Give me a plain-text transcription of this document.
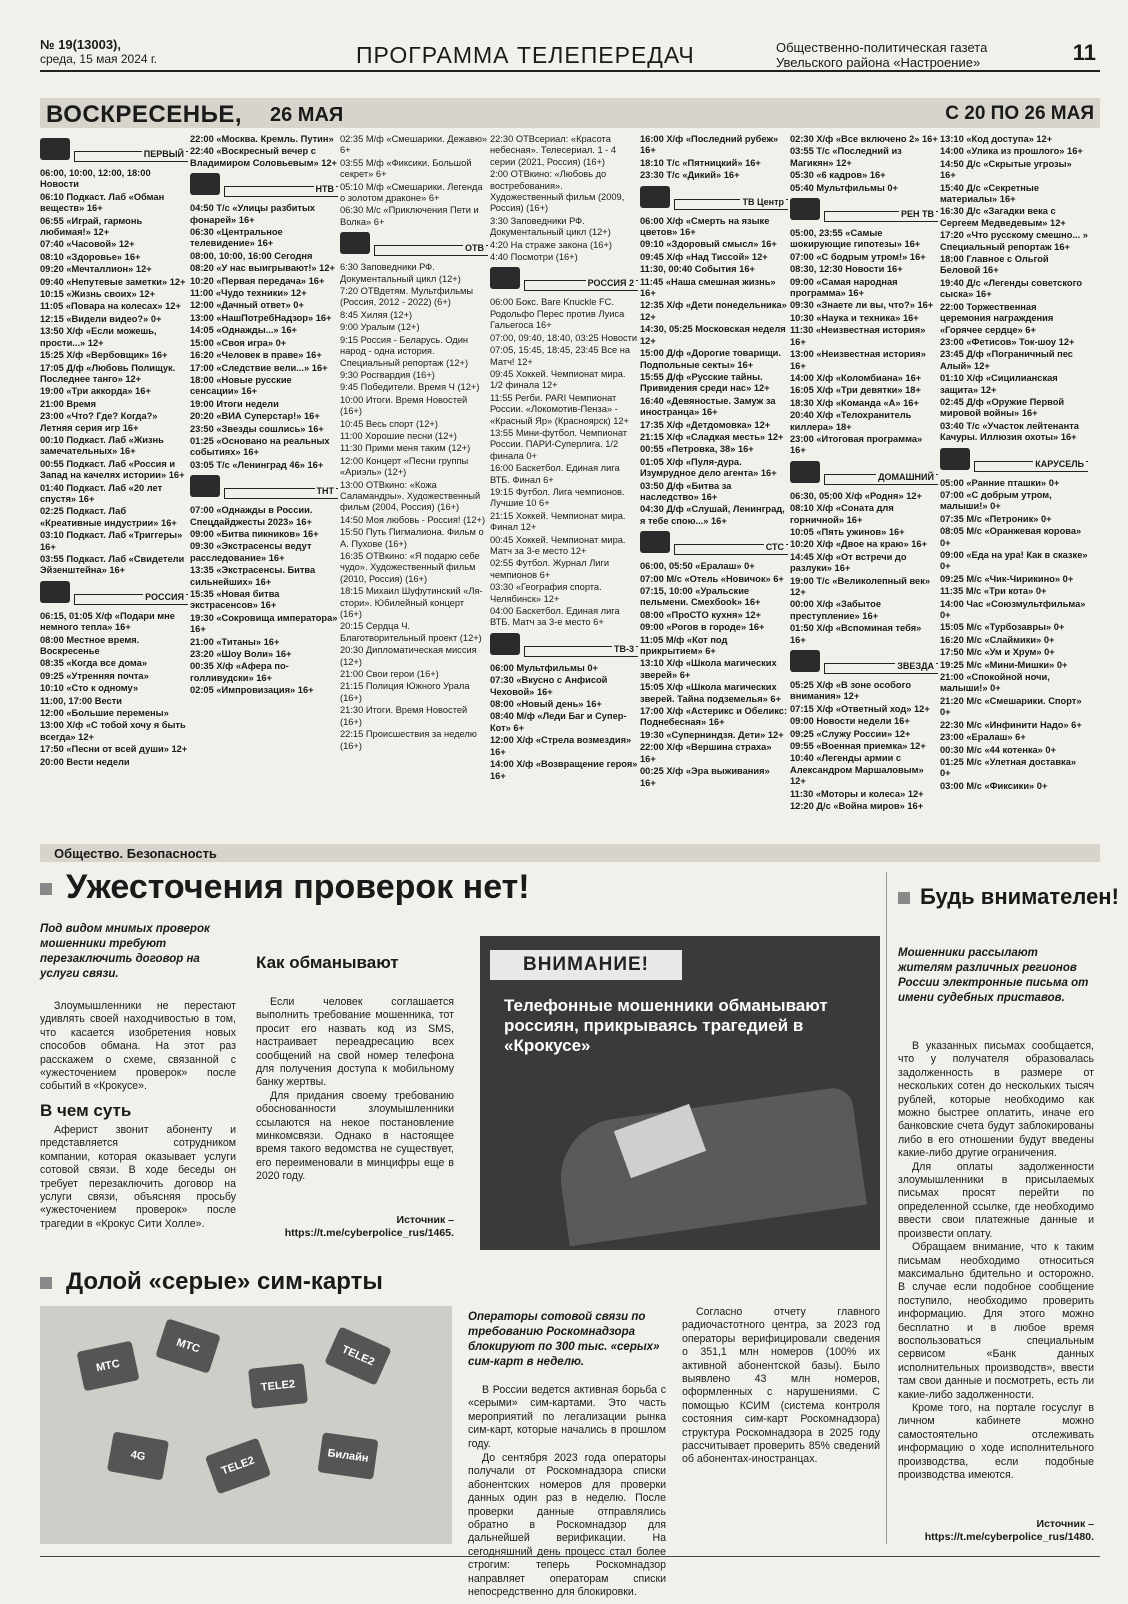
№ 19(13003),
среда, 15 мая 2024 г.	ПРОГРАММА ТЕЛЕПЕРЕДАЧ	Общественно-политическая газета
Увельского района «Настроение»	11
ВОСКРЕСЕНЬЕ, 26 МАЯ	С 20 ПО 26 МАЯ
ПЕРВЫЙ
06:00, 10:00, 12:00, 18:00 Новости
06:10 Подкаст. Лаб «Обман веществ» 16+
06:55 «Играй, гармонь любимая!» 12+
07:40 «Часовой» 12+
08:10 «Здоровье» 16+
09:20 «Мечталлион» 12+
09:40 «Непутевые заметки» 12+
10:15 «Жизнь своих» 12+
11:05 «Повара на колесах» 12+
12:15 «Видели видео?» 0+
13:50 Х/ф «Если можешь, прости...» 12+
15:25 Х/ф «Вербовщик» 16+
17:05 Д/ф «Любовь Полищук. Последнее танго» 12+
19:00 «Три аккорда» 16+
21:00 Время
23:00 «Что? Где? Когда?» Летняя серия игр 16+
00:10 Подкаст. Лаб «Жизнь замечательных» 16+
00:55 Подкаст. Лаб «Россия и Запад на качелях истории» 16+
01:40 Подкаст. Лаб «20 лет спустя» 16+
02:25 Подкаст. Лаб «Креативные индустрии» 16+
03:10 Подкаст. Лаб «Триггеры» 16+
03:55 Подкаст. Лаб «Свидетели Эйзенштейна» 16+
РОССИЯ
06:15, 01:05 Х/ф «Подари мне немного тепла» 16+
08:00 Местное время. Воскресенье
08:35 «Когда все дома»
09:25 «Утренняя почта»
10:10 «Сто к одному»
11:00, 17:00 Вести
12:00 «Большие перемены»
13:00 Х/ф «С тобой хочу я быть всегда» 12+
17:50 «Песни от всей души» 12+
20:00 Вести недели
22:00 «Москва. Кремль. Путин»
22:40 «Воскресный вечер с Владимиром Соловьевым» 12+
НТВ
04:50 Т/с «Улицы разбитых фонарей» 16+
06:30 «Центральное телевидение» 16+
08:00, 10:00, 16:00 Сегодня
08:20 «У нас выигрывают!» 12+
10:20 «Первая передача» 16+
11:00 «Чудо техники» 12+
12:00 «Дачный ответ» 0+
13:00 «НашПотребНадзор» 16+
14:05 «Однажды...» 16+
15:00 «Своя игра» 0+
16:20 «Человек в праве» 16+
17:00 «Следствие вели...» 16+
18:00 «Новые русские сенсации» 16+
19:00 Итоги недели
20:20 «ВИА Суперстар!» 16+
23:50 «Звезды сошлись» 16+
01:25 «Основано на реальных событиях» 16+
03:05 Т/с «Ленинград 46» 16+
ТНТ
07:00 «Однажды в России. Спецдайджесты 2023» 16+
09:00 «Битва пикников» 16+
09:30 «Экстрасенсы ведут расследование» 16+
13:35 «Экстрасенсы. Битва сильнейших» 16+
15:35 «Новая битва экстрасенсов» 16+
19:30 «Сокровища императора» 16+
21:00 «Титаны» 16+
23:20 «Шоу Воли» 16+
00:35 Х/ф «Афера по-голливудски» 16+
02:05 «Импровизация» 16+
02:35 М/ф «Смешарики. Дежавю» 6+
03:55 М/ф «Фиксики. Большой секрет» 6+
05:10 М/ф «Смешарики. Легенда о золотом драконе» 6+
06:30 М/с «Приключения Пети и Волка» 6+
ОТВ
6:30 Заповедники РФ. Документальный цикл (12+)
7:20 ОТВдетям. Мультфильмы (Россия, 2012 - 2022) (6+)
8:45 Хиляя (12+)
9:00 Уралым (12+)
9:15 Россия - Беларусь. Один народ - одна история. Специальный репортаж (12+)
9:30 Росгвардия (16+)
9:45 Победители. Время Ч (12+)
10:00 Итоги. Время Новостей (16+)
10:45 Весь спорт (12+)
11:00 Хорошие песни (12+)
11:30 Прими меня таким (12+)
12:00 Концерт «Песни группы «Ариэль» (12+)
13:00 ОТВкино: «Кожа Саламандры». Художественный фильм (2004, Россия) (16+)
14:50 Моя любовь - Россия! (12+)
15:50 Путь Пигмалиона. Фильм о А. Пухове (16+)
16:35 ОТВкино: «Я подарю себе чудо». Художественный фильм (2010, Россия) (16+)
18:15 Михаил Шуфутинский «Ля-стори». Юбилейный концерт (16+)
20:15 Сердца Ч. Благотворительный проект (12+)
20:30 Дипломатическая миссия (12+)
21:00 Свои герои (16+)
21:15 Полиция Южного Урала (16+)
21:30 Итоги. Время Новостей (16+)
22:15 Происшествия за неделю (16+)
22:30 ОТВсериал: «Красота небесная». Телесериал. 1 - 4 серии (2021, Россия) (16+)
2:00 ОТВкино: «Любовь до востребования». Художественный фильм (2009, Россия) (16+)
3:30 Заповедники РФ. Документальный цикл (12+)
4:20 На страже закона (16+)
4:40 Посмотри (16+)
РОССИЯ 2
06:00 Бокс. Bare Knuckle FC. Родольфо Перес против Луиса Гальегоса 16+
07:00, 09:40, 18:40, 03:25 Новости
07:05, 15:45, 18:45, 23:45 Все на Матч! 12+
09:45 Хоккей. Чемпионат мира. 1/2 финала 12+
11:55 Регби. PARI Чемпионат России. «Локомотив-Пенза» - «Красный Яр» (Красноярск) 12+
13:55 Мини-футбол. Чемпионат России. ПАРИ-Суперлига. 1/2 финала 0+
16:00 Баскетбол. Единая лига ВТБ. Финал 6+
19:15 Футбол. Лига чемпионов. Лучшие 10 6+
21:15 Хоккей. Чемпионат мира. Финал 12+
00:45 Хоккей. Чемпионат мира. Матч за 3-е место 12+
02:55 Футбол. Журнал Лиги чемпионов 6+
03:30 «География спорта. Челябинск» 12+
04:00 Баскетбол. Единая лига ВТБ. Матч за 3-е место 6+
ТВ-3
06:00 Мультфильмы 0+
07:30 «Вкусно с Анфисой Чеховой» 16+
08:00 «Новый день» 16+
08:40 М/ф «Леди Баг и Супер-Кот» 6+
12:00 Х/ф «Стрела возмездия» 16+
14:00 Х/ф «Возвращение героя» 16+
16:00 Х/ф «Последний рубеж» 16+
18:10 Т/с «Пятницкий» 16+
23:30 Т/с «Дикий» 16+
ТВ Центр
06:00 Х/ф «Смерть на языке цветов» 16+
09:10 «Здоровый смысл» 16+
09:45 Х/ф «Над Тиссой» 12+
11:30, 00:40 События 16+
11:45 «Наша смешная жизнь» 16+
12:35 Х/ф «Дети понедельника» 12+
14:30, 05:25 Московская неделя 12+
15:00 Д/ф «Дорогие товарищи. Подпольные секты» 16+
15:55 Д/ф «Русские тайны. Привидения среди нас» 12+
16:40 «Девяностые. Замуж за иностранца» 16+
17:35 Х/ф «Детдомовка» 12+
21:15 Х/ф «Сладкая месть» 12+
00:55 «Петровка, 38» 16+
01:05 Х/ф «Пуля-дура. Изумрудное дело агента» 16+
03:50 Д/ф «Битва за наследство» 16+
04:30 Д/ф «Слушай, Ленинград, я тебе спою...» 16+
СТС
06:00, 05:50 «Ералаш» 0+
07:00 М/с «Отель «Новичок» 6+
07:15, 10:00 «Уральские пельмени. Смехбook» 16+
08:00 «ПроСТО кухня» 12+
09:00 «Рогов в городе» 16+
11:05 М/ф «Кот под прикрытием» 6+
13:10 Х/ф «Школа магических зверей» 6+
15:05 Х/ф «Школа магических зверей. Тайна подземелья» 6+
17:00 Х/ф «Астерикс и Обеликс: Поднебесная» 16+
19:30 «Суперниндзя. Дети» 12+
22:00 Х/ф «Вершина страха» 16+
00:25 Х/ф «Эра выживания» 16+
02:30 Х/ф «Все включено 2» 16+
03:55 Т/с «Последний из Магикян» 12+
05:30 «6 кадров» 16+
05:40 Мультфильмы 0+
РЕН ТВ
05:00, 23:55 «Самые шокирующие гипотезы» 16+
07:00 «С бодрым утром!» 16+
08:30, 12:30 Новости 16+
09:00 «Самая народная программа» 16+
09:30 «Знаете ли вы, что?» 16+
10:30 «Наука и техника» 16+
11:30 «Неизвестная история» 16+
13:00 «Неизвестная история» 16+
14:00 Х/ф «Коломбиана» 16+
16:05 Х/ф «Три девятки» 18+
18:30 Х/ф «Команда «А» 16+
20:40 Х/ф «Телохранитель киллера» 18+
23:00 «Итоговая программа» 16+
ДОМАШНИЙ
06:30, 05:00 Х/ф «Родня» 12+
08:10 Х/ф «Соната для горничной» 16+
10:05 «Пять ужинов» 16+
10:20 Х/ф «Двое на краю» 16+
14:45 Х/ф «От встречи до разлуки» 16+
19:00 Т/с «Великолепный век» 12+
00:00 Х/ф «Забытое преступление» 16+
01:50 Х/ф «Вспоминая тебя» 16+
ЗВЕЗДА
05:25 Х/ф «В зоне особого внимания» 12+
07:15 Х/ф «Ответный ход» 12+
09:00 Новости недели 16+
09:25 «Служу России» 12+
09:55 «Военная приемка» 12+
10:40 «Легенды армии с Александром Маршаловым» 12+
11:30 «Моторы и колеса» 12+
12:20 Д/с «Война миров» 16+
13:10 «Код доступа» 12+
14:00 «Улика из прошлого» 16+
14:50 Д/с «Скрытые угрозы» 16+
15:40 Д/с «Секретные материалы» 16+
16:30 Д/с «Загадки века с Сергеем Медведевым» 12+
17:20 «Что русскому смешно... » Специальный репортаж 16+
18:00 Главное с Ольгой Беловой 16+
19:40 Д/с «Легенды советского сыска» 16+
22:00 Торжественная церемония награждения «Горячее сердце» 6+
23:00 «Фетисов» Ток-шоу 12+
23:45 Д/ф «Пограничный пес Алый» 12+
01:10 Х/ф «Сицилианская защита» 12+
02:45 Д/ф «Оружие Первой мировой войны» 16+
03:40 Т/с «Участок лейтенанта Качуры. Иллюзия охоты» 16+
КАРУСЕЛЬ
05:00 «Ранние пташки» 0+
07:00 «С добрым утром, малыши!» 0+
07:35 М/с «Петроник» 0+
08:05 М/с «Оранжевая корова» 0+
09:00 «Еда на ура! Как в сказке» 0+
09:25 М/с «Чик-Чирикино» 0+
11:35 М/с «Три кота» 0+
14:00 Час «Союзмультфильма» 0+
15:05 М/с «Турбозавры» 0+
16:20 М/с «Слаймики» 0+
17:50 М/с «Ум и Хрум» 0+
19:25 М/с «Мини-Мишки» 0+
21:00 «Спокойной ночи, малыши!» 0+
21:20 М/с «Смешарики. Спорт» 0+
22:30 М/с «Инфинити Надо» 6+
23:00 «Ералаш» 6+
00:30 М/с «44 котенка» 0+
01:25 М/с «Улетная доставка» 0+
03:00 М/с «Фиксики» 0+
Общество. Безопасность
Ужесточения проверок нет!
Под видом мнимых проверок мошенники требуют перезаключить договор на услуги связи.

Злоумышленники не перестают удивлять своей находчивостью в том, что касается изобретения новых способов обмана. На этот раз расскажем о схеме, связанной с «ужесточением проверок» после событий в «Крокусе».

В чем суть

Аферист звонит абоненту и представляется сотрудником компании, которая оказывает услуги сотовой связи. В ходе беседы он требует перезаключить договор на услуги связи, объясняя просьбу «ужесточением проверок» после трагедии в «Крокус Сити Холле».

Как обманывают

Если человек соглашается выполнить требование мошенника, тот просит его назвать код из SMS, настраивает переадресацию всех сообщений на свой номер телефона для получения доступа к мобильному банку жертвы.

Для придания своему требованию обоснованности злоумышленники ссылаются на некое постановление минкомсвязи. Однако в настоящее время такого ведомства не существует, его переименовали в минцифры еще в 2020 году.

Источник – https://t.me/cyberpolice_rus/1465.
ВНИМАНИЕ!
Телефонные мошенники обманывают россиян, прикрываясь трагедией в «Крокусе»
Будь внимателен!
Мошенники рассылают жителям различных регионов России электронные письма от имени судебных приставов.

В указанных письмах сообщается, что у получателя образовалась задолженность в размере от нескольких сотен до нескольких тысяч рублей, которые необходимо как можно быстрее оплатить, иначе его банковские счета будут заблокированы либо в его отношении будут введены какие-либо другие ограничения.

Для оплаты задолженности злоумышленники в присылаемых письмах просят перейти по определенной ссылке, где необходимо ввести свои платежные данные и произвести оплату.

Обращаем внимание, что к таким письмам необходимо относиться максимально бдительно и осторожно. В случае если подобное сообщение поступило, необходимо проверить информацию. Для этого можно бесплатно и в любое время воспользоваться специальным сервисом «Банк данных исполнительных производств», ввести там свои данные и посмотреть, есть ли какие-либо задолженности.

Кроме того, на портале госуслуг в личном кабинете можно самостоятельно отслеживать информацию о ходе исполнительного производства, если подобные производства имеются.

Источник – https://t.me/cyberpolice_rus/1480.
Долой «серые» сим-карты
МТС
МТС
TELE2
TELE2
4G	TELE2	Билайн
Операторы сотовой связи по требованию Роскомнадзора блокируют по 300 тыс. «серых» сим-карт в неделю.

В России ведется активная борьба с «серыми» сим-картами. Это часть мероприятий по легализации рынка сим-карт, которые начались в прошлом году.

До сентября 2023 года операторы получали от Роскомнадзора списки абонентских номеров для проверки данных один раз в неделю. После проверки данные отправлялись обратно в Роскомнадзор для дальнейшей верификации. На сегодняшний день процесс стал более строгим: теперь Роскомнадзор направляет операторам списки непосредственно для блокировки.

Согласно отчету главного радиочастотного центра, за 2023 год операторы верифицировали сведения о 351,1 млн номеров (100% их активной абонентской базы). Было выявлено 43 млн номеров, оформленных с нарушениями. С помощью КСИМ (система контроля состояния сим-карт Роскомнадзора) структура Роскомнадзора в 2025 году рассчитывает проверить 85% сведений об абонентах-иностранцах.
